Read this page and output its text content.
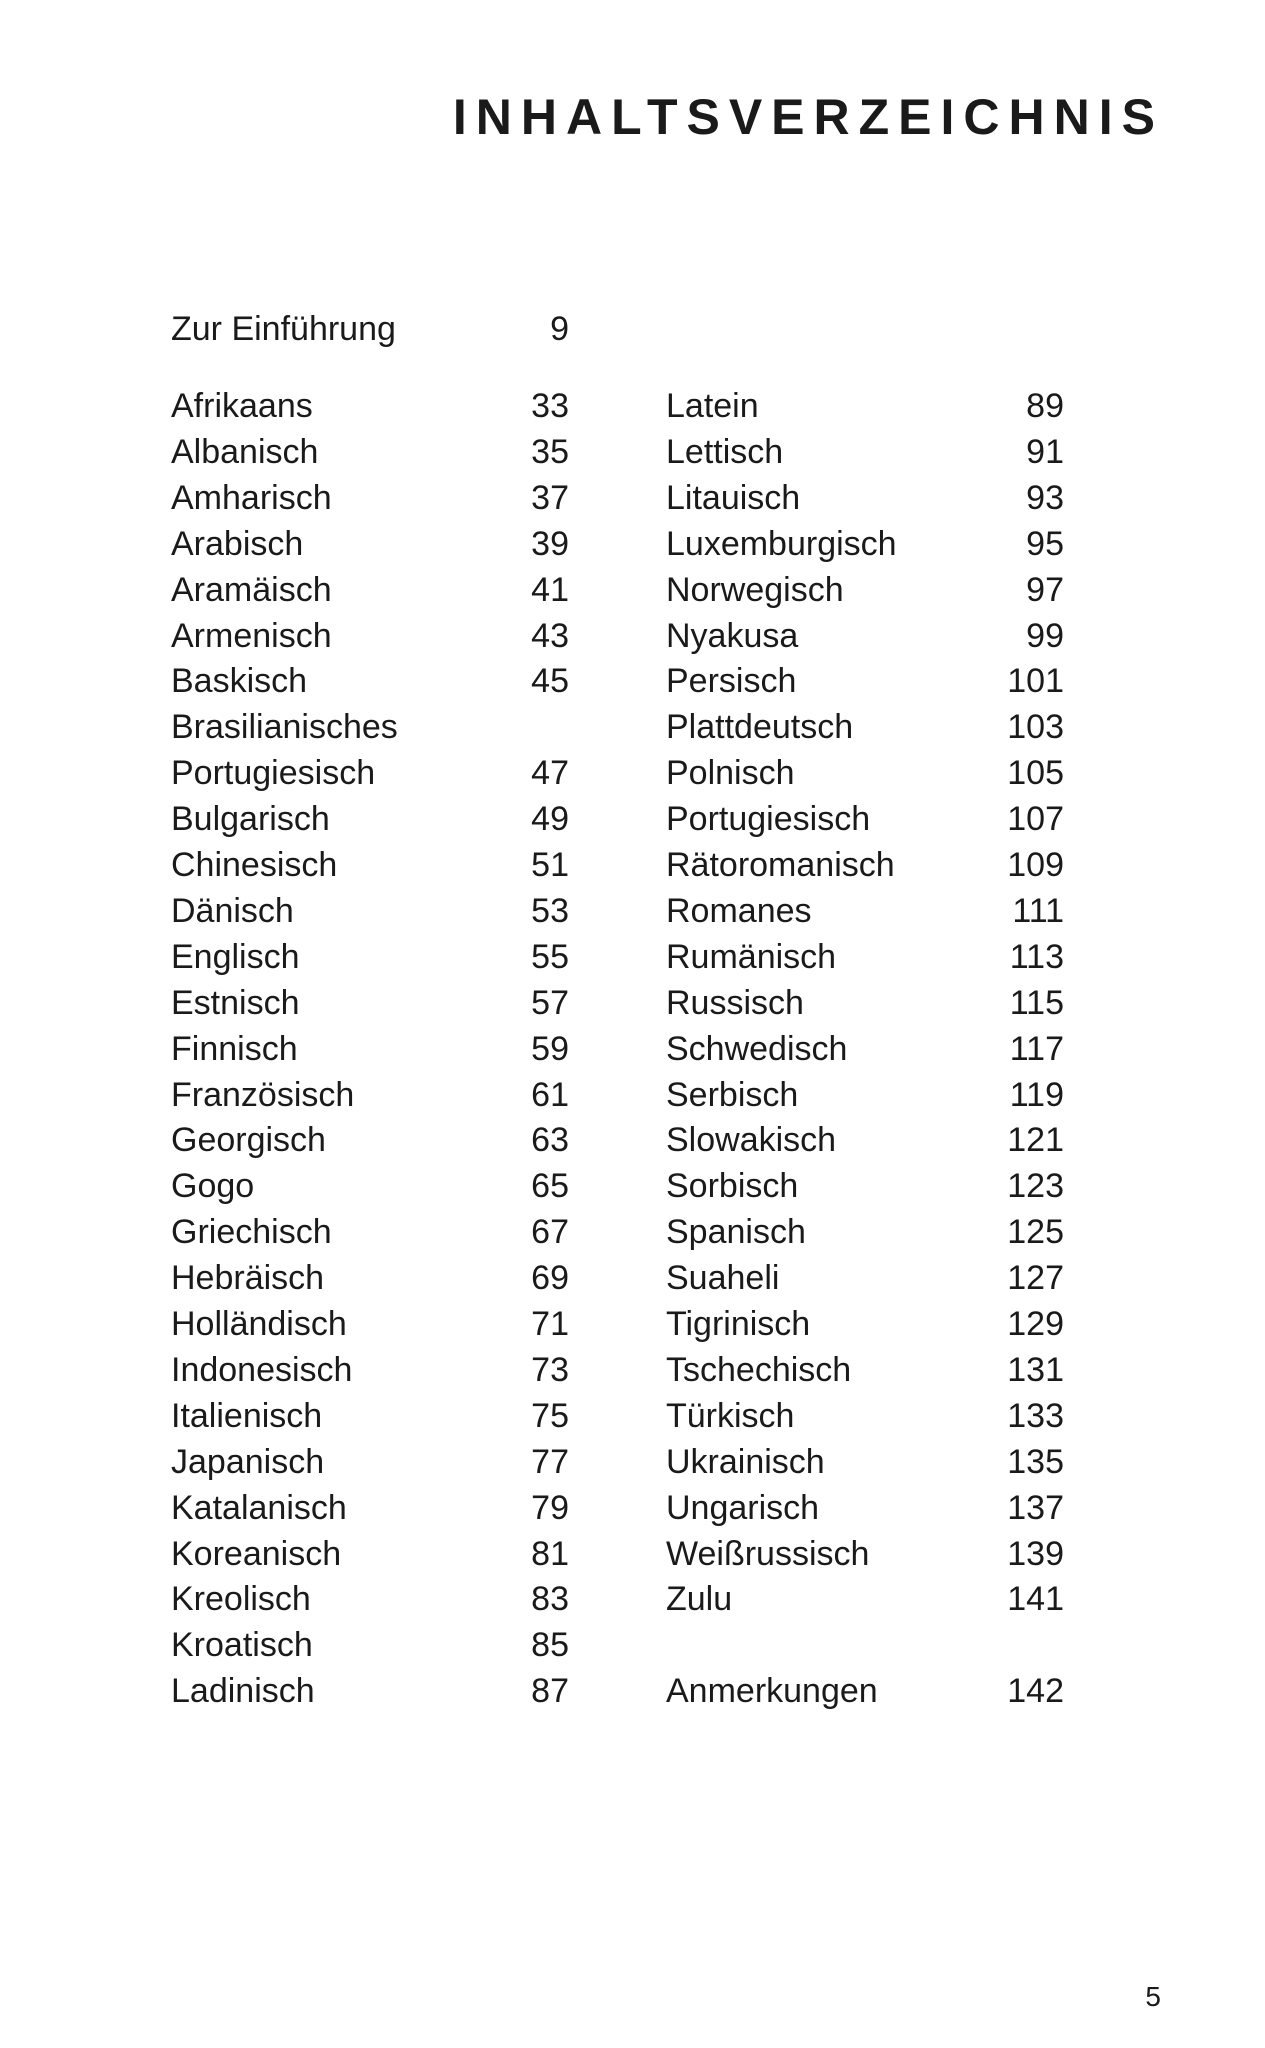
INHALTSVERZEICHNIS
Zur Einführung	9
Afrikaans	33
Albanisch	35
Amharisch	37
Arabisch	39
Aramäisch	41
Armenisch	43
Baskisch	45
Brasilianisches
Portugiesisch	47
Bulgarisch	49
Chinesisch	51
Dänisch	53
Englisch	55
Estnisch	57
Finnisch	59
Französisch	61
Georgisch	63
Gogo	65
Griechisch	67
Hebräisch	69
Holländisch	71
Indonesisch	73
Italienisch	75
Japanisch	77
Katalanisch	79
Koreanisch	81
Kreolisch	83
Kroatisch	85
Ladinisch	87
Latein	89
Lettisch	91
Litauisch	93
Luxemburgisch	95
Norwegisch	97
Nyakusa	99
Persisch	101
Plattdeutsch	103
Polnisch	105
Portugiesisch	107
Rätoromanisch	109
Romanes	111
Rumänisch	113
Russisch	115
Schwedisch	117
Serbisch	119
Slowakisch	121
Sorbisch	123
Spanisch	125
Suaheli	127
Tigrinisch	129
Tschechisch	131
Türkisch	133
Ukrainisch	135
Ungarisch	137
Weißrussisch	139
Zulu	141
Anmerkungen	142
5
